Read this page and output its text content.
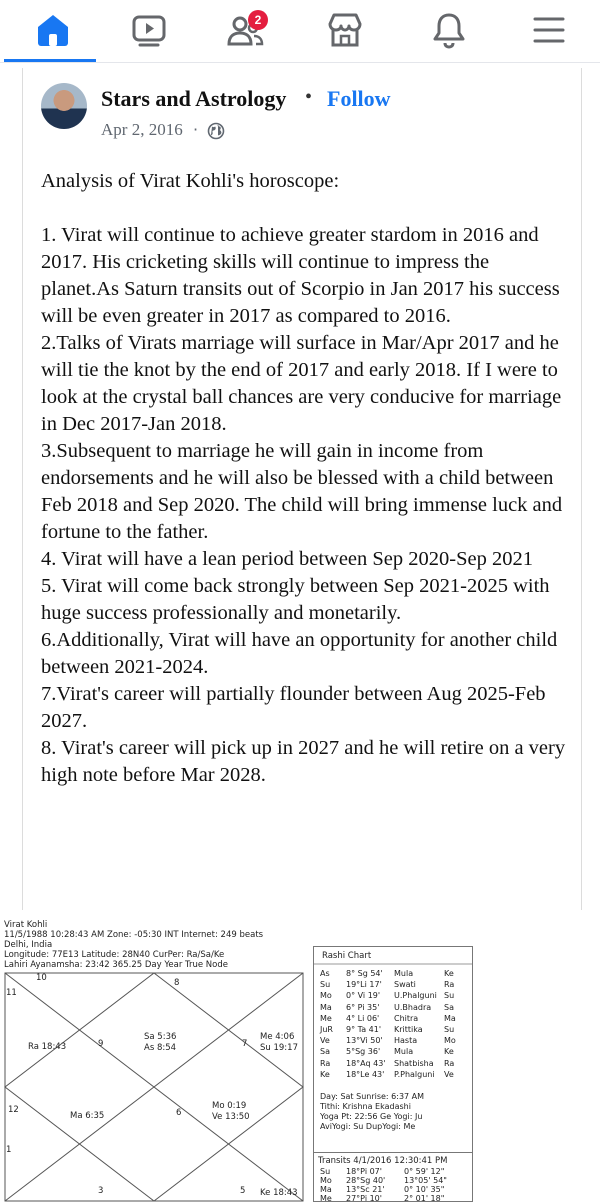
2
Stars and Astrology • Follow
Apr 2, 2016 ·

Analysis of Virat Kohli's horoscope:

1. Virat will continue to achieve greater stardom in 2016 and 2017. His cricketing skills will continue to impress the planet.As Saturn transits out of Scorpio in Jan 2017 his success will be even greater in 2017 as compared to 2016.

2.Talks of Virats marriage will surface in Mar/Apr 2017 and he will tie the knot by the end of 2017 and early 2018. If I were to look at the crystal ball chances are very conducive for marriage in Dec 2017-Jan 2018.

3.Subsequent to marriage he will gain in income from endorsements and he will also be blessed with a child between Feb 2018 and Sep 2020. The child will bring immense luck and fortune to the father.

4. Virat will have a lean period between Sep 2020-Sep 2021

5. Virat will come back strongly between Sep 2021-2025 with huge success professionally and monetarily.

6.Additionally, Virat will have an opportunity for another child between 2021-2024.

7.Virat's career will partially flounder between Aug 2025-Feb 2027.

8. Virat's career will pick up in 2027 and he will retire on a very high note before Mar 2028.

Virat Kohli
11/5/1988 10:28:43 AM Zone: -05:30 INT Internet: 249 beats
Delhi, India
Longitude: 77E13 Latitude: 28N40 CurPer: Ra/Sa/Ke
Lahiri Ayanamsha: 23:42 365.25 Day Year True Node
10	8
11
9	7
12	6
1
3	5
Ra 18:43
Sa 5:36
As 8:54
Me 4:06
Su 19:17
Ma 6:35
Mo 0:19
Ve 13:50
Ke 18:43
Rashi Chart
As 8° Sg 54' Mula	Ke
Su 19°Li 17' Swati	Ra
Mo 0° Vi 19' U.Phalguni Su
Ma 6° Pi 35' U.Bhadra Sa
Me 4° Li 06' Chitra	Ma
JuR 9° Ta 41' Krittika	Su
Ve 13°Vi 50' Hasta	Mo
Sa 5°Sg 36' Mula	Ke
Ra 18°Aq 43' Shatbisha Ra
Ke 18°Le 43' P.Phalguni Ve
Day: Sat Sunrise: 6:37 AM
Tithi: Krishna Ekadashi
Yoga Pt: 22:56 Ge Yogi: Ju
AviYogi: Su DupYogi: Me
Transits 4/1/2016 12:30:41 PM
Su 18°Pi 07'	0° 59' 12"
Mo 28°Sg 40' 13°05' 54"
Ma 13°Sc 21' 0° 10' 35"
Me 27°Pi 10'	2° 01' 18"
